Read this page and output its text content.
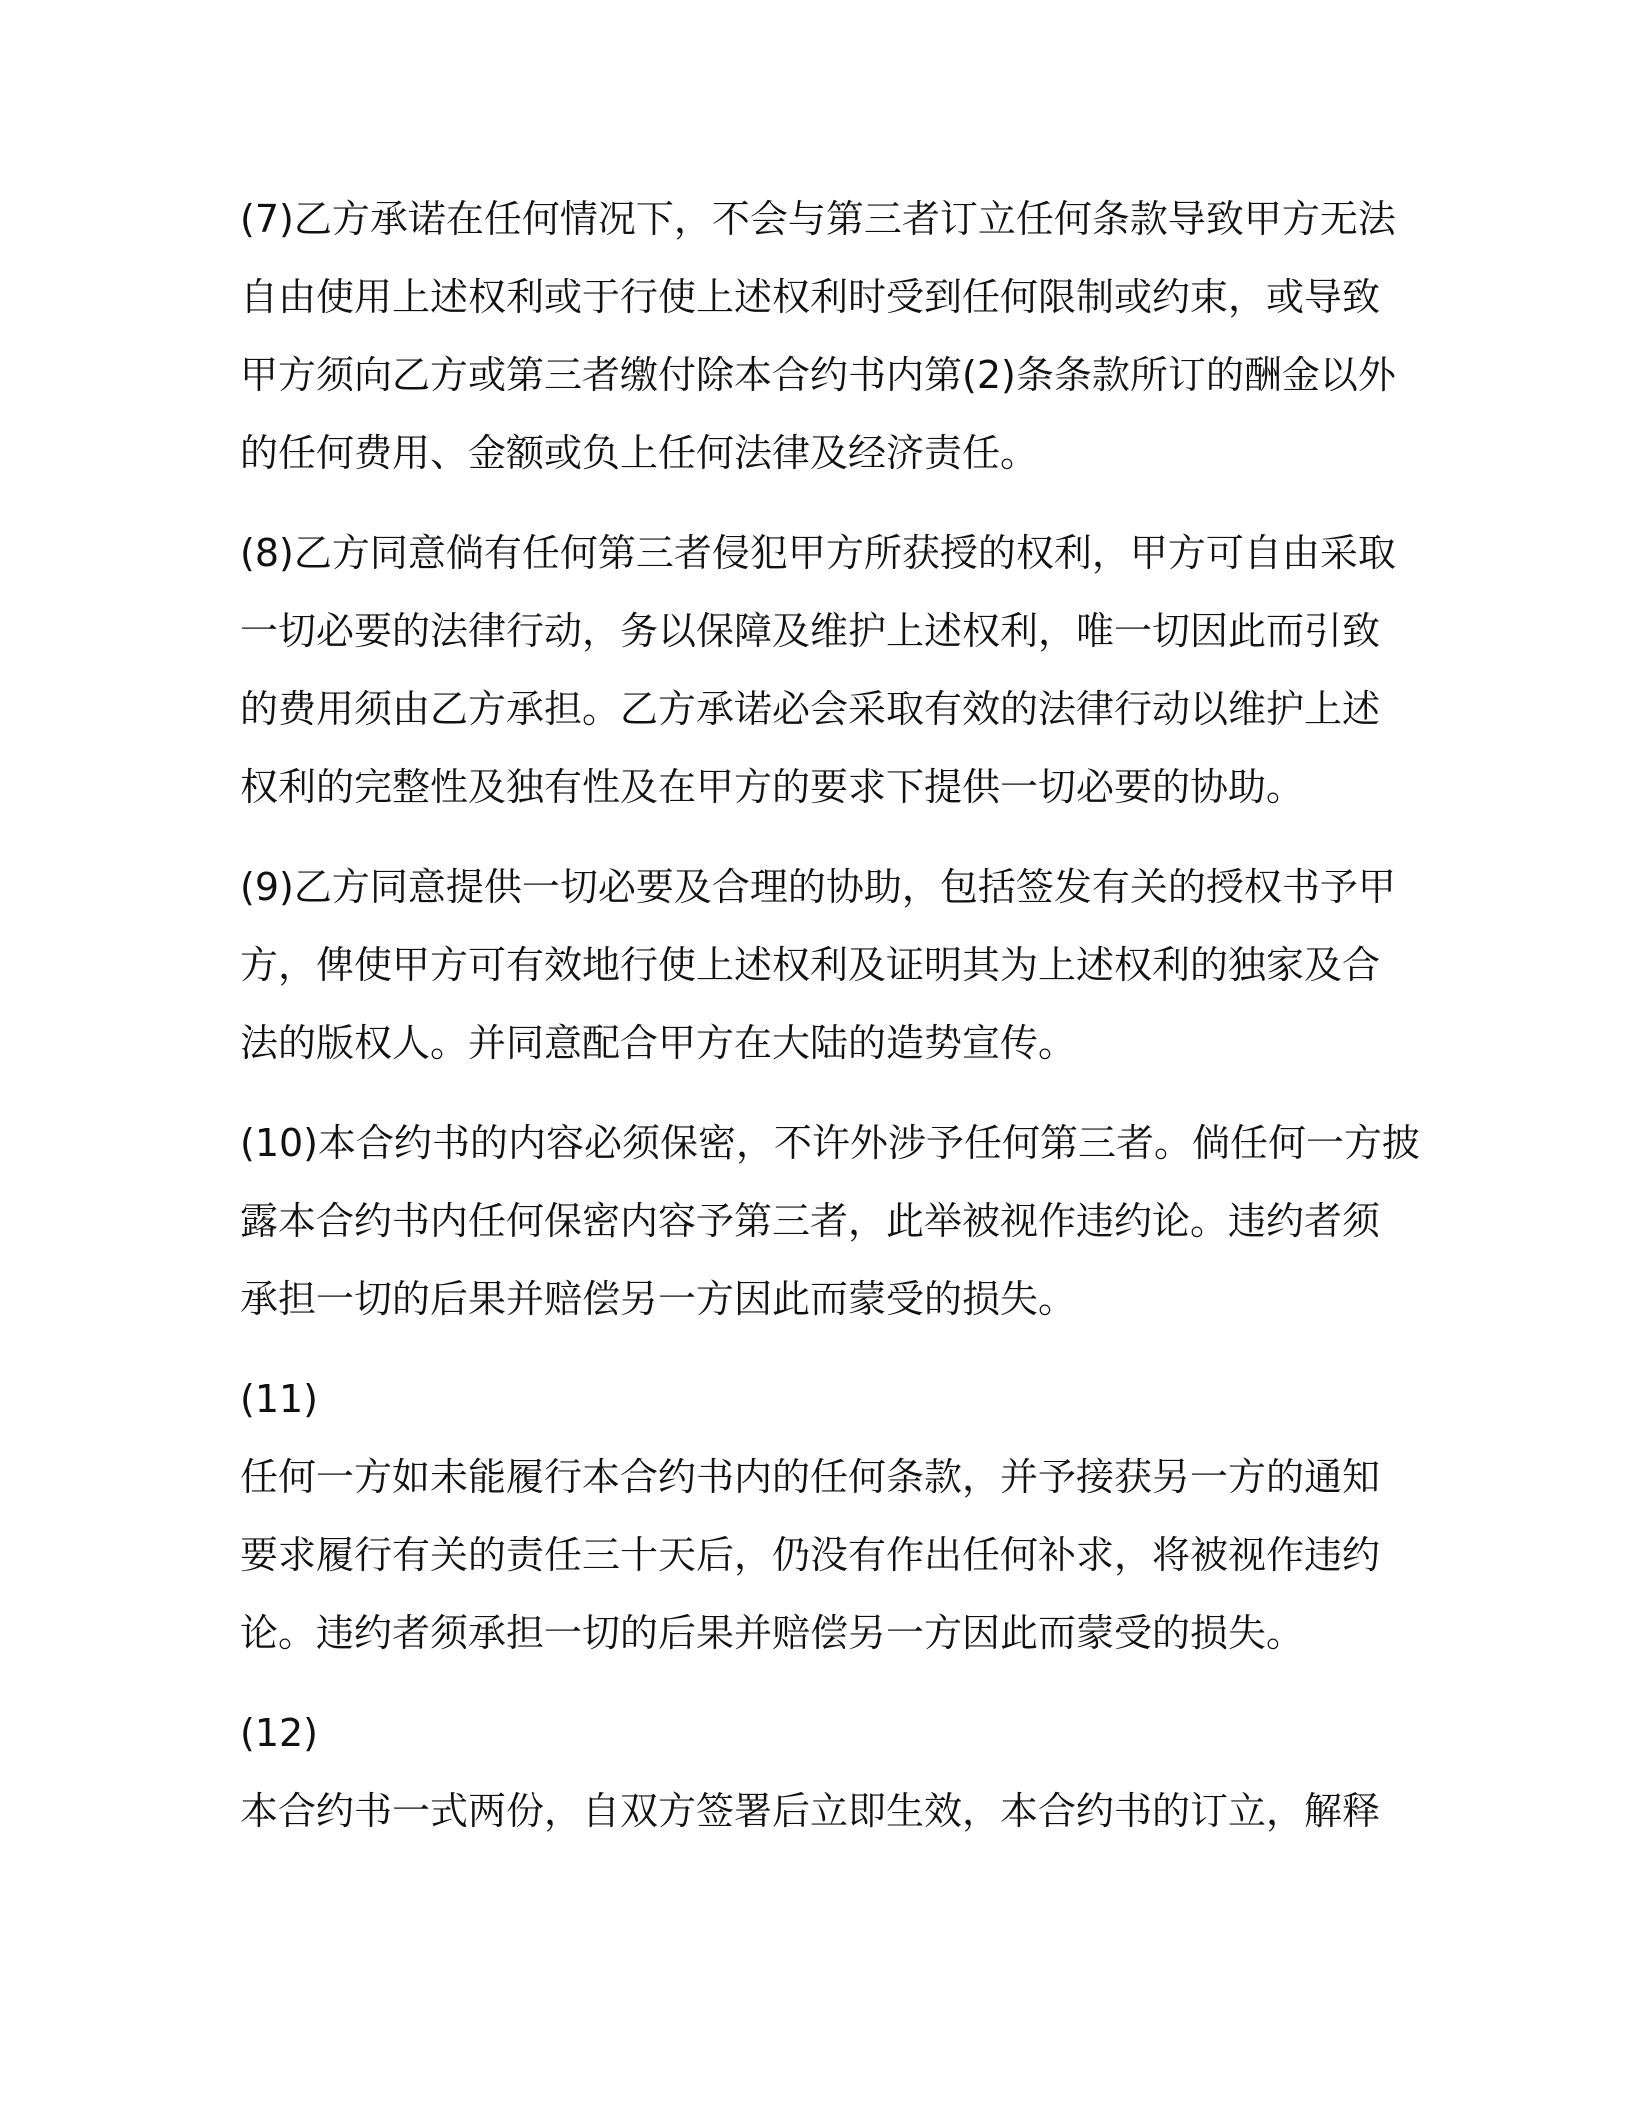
(7)乙方承诺在任何情况下，不会与第三者订立任何条款导致甲方无法
自由使用上述权利或于行使上述权利时受到任何限制或约束，或导致
甲方须向乙方或第三者缴付除本合约书内第(2)条条款所订的酬金以外
的任何费用、金额或负上任何法律及经济责任。

(8)乙方同意倘有任何第三者侵犯甲方所获授的权利，甲方可自由采取
一切必要的法律行动，务以保障及维护上述权利，唯一切因此而引致
的费用须由乙方承担。乙方承诺必会采取有效的法律行动以维护上述
权利的完整性及独有性及在甲方的要求下提供一切必要的协助。

(9)乙方同意提供一切必要及合理的协助，包括签发有关的授权书予甲
方，俾使甲方可有效地行使上述权利及证明其为上述权利的独家及合
法的版权人。并同意配合甲方在大陆的造势宣传。

(10)本合约书的内容必须保密，不许外涉予任何第三者。倘任何一方披
露本合约书内任何保密内容予第三者，此举被视作违约论。违约者须
承担一切的后果并赔偿另一方因此而蒙受的损失。

(11)
任何一方如未能履行本合约书内的任何条款，并予接获另一方的通知
要求履行有关的责任三十天后，仍没有作出任何补求，将被视作违约
论。违约者须承担一切的后果并赔偿另一方因此而蒙受的损失。

(12)
本合约书一式两份，自双方签署后立即生效，本合约书的订立，解释
